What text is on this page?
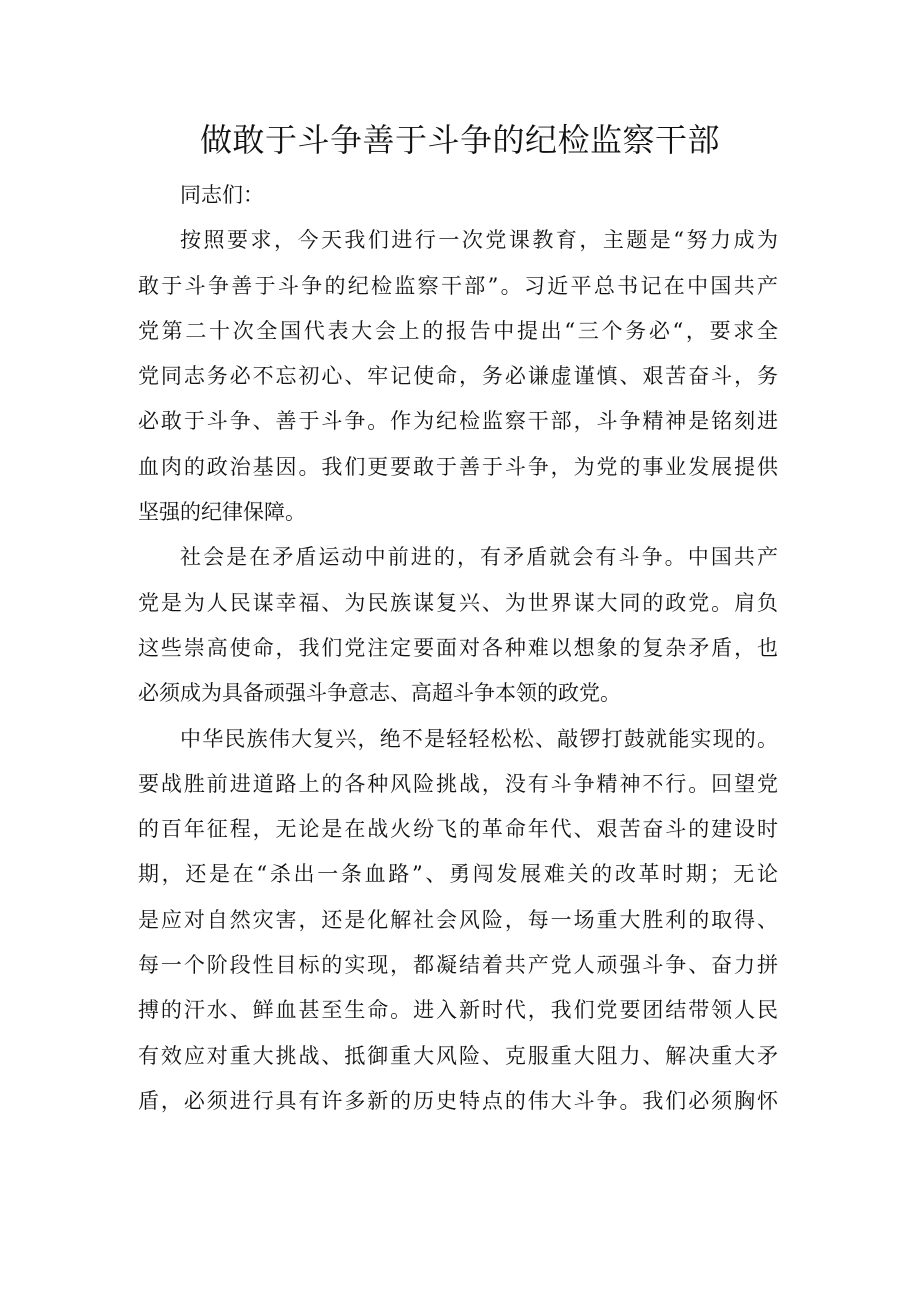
做敢于斗争善于斗争的纪检监察干部
同志们：
按照要求，今天我们进行一次党课教育，主题是“努力成为
敢于斗争善于斗争的纪检监察干部”。习近平总书记在中国共产
党第二十次全国代表大会上的报告中提出“三个务必“，要求全
党同志务必不忘初心、牢记使命，务必谦虚谨慎、艰苦奋斗，务
必敢于斗争、善于斗争。作为纪检监察干部，斗争精神是铭刻进
血肉的政治基因。我们更要敢于善于斗争，为党的事业发展提供
坚强的纪律保障。
社会是在矛盾运动中前进的，有矛盾就会有斗争。中国共产
党是为人民谋幸福、为民族谋复兴、为世界谋大同的政党。肩负
这些崇高使命，我们党注定要面对各种难以想象的复杂矛盾，也
必须成为具备顽强斗争意志、高超斗争本领的政党。
中华民族伟大复兴，绝不是轻轻松松、敲锣打鼓就能实现的。
要战胜前进道路上的各种风险挑战，没有斗争精神不行。回望党
的百年征程，无论是在战火纷飞的革命年代、艰苦奋斗的建设时
期，还是在“杀出一条血路”、勇闯发展难关的改革时期；无论
是应对自然灾害，还是化解社会风险，每一场重大胜利的取得、
每一个阶段性目标的实现，都凝结着共产党人顽强斗争、奋力拼
搏的汗水、鲜血甚至生命。进入新时代，我们党要团结带领人民
有效应对重大挑战、抵御重大风险、克服重大阻力、解决重大矛
盾，必须进行具有许多新的历史特点的伟大斗争。我们必须胸怀
